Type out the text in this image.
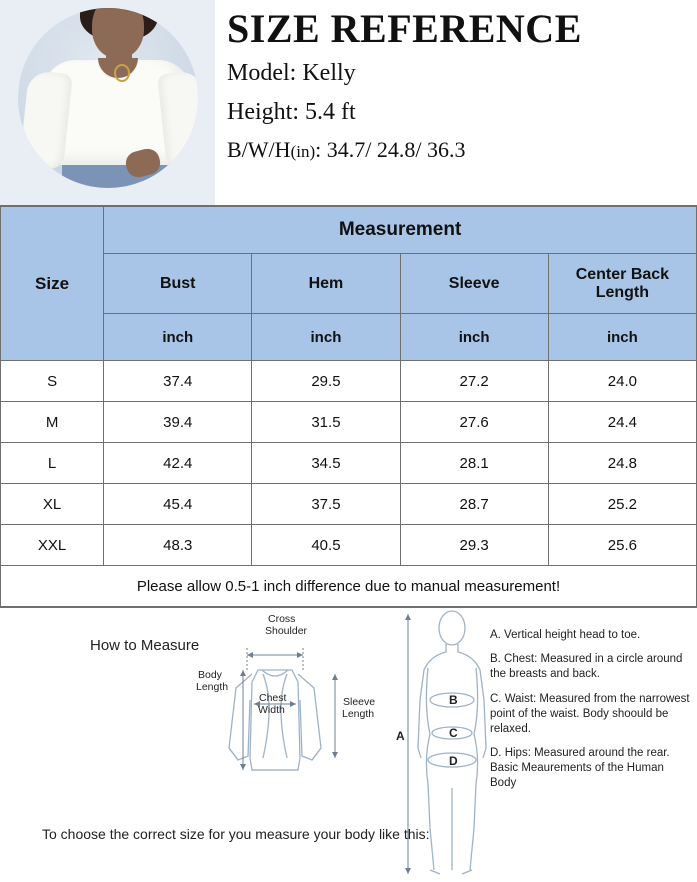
SIZE REFERENCE

Model: Kelly

Height: 5.4 ft

B/W/H(in): 34.7/ 24.8/ 36.3

Size	Measurement			
	Bust	Hem	Sleeve	Center Back Length
	inch	inch	inch	inch
S	37.4	29.5	27.2	24.0
M	39.4	31.5	27.6	24.4
L	42.4	34.5	28.1	24.8
XL	45.4	37.5	28.7	25.2
XXL	48.3	40.5	29.3	25.6
Please allow 0.5-1 inch difference due to manual measurement!				
How to Measure
To choose the correct size for you measure your body like this:
Cross
Shoulder
Body
Length
Chest
Width
Sleeve
Length
A
B
C
D

A. Vertical height head to toe.

B. Chest: Measured in a circle around the breasts and back.

C. Waist: Measured from the narrowest point of the waist. Body shoould be relaxed.

D. Hips: Measured around the rear. Basic Meaurements of the Human Body
